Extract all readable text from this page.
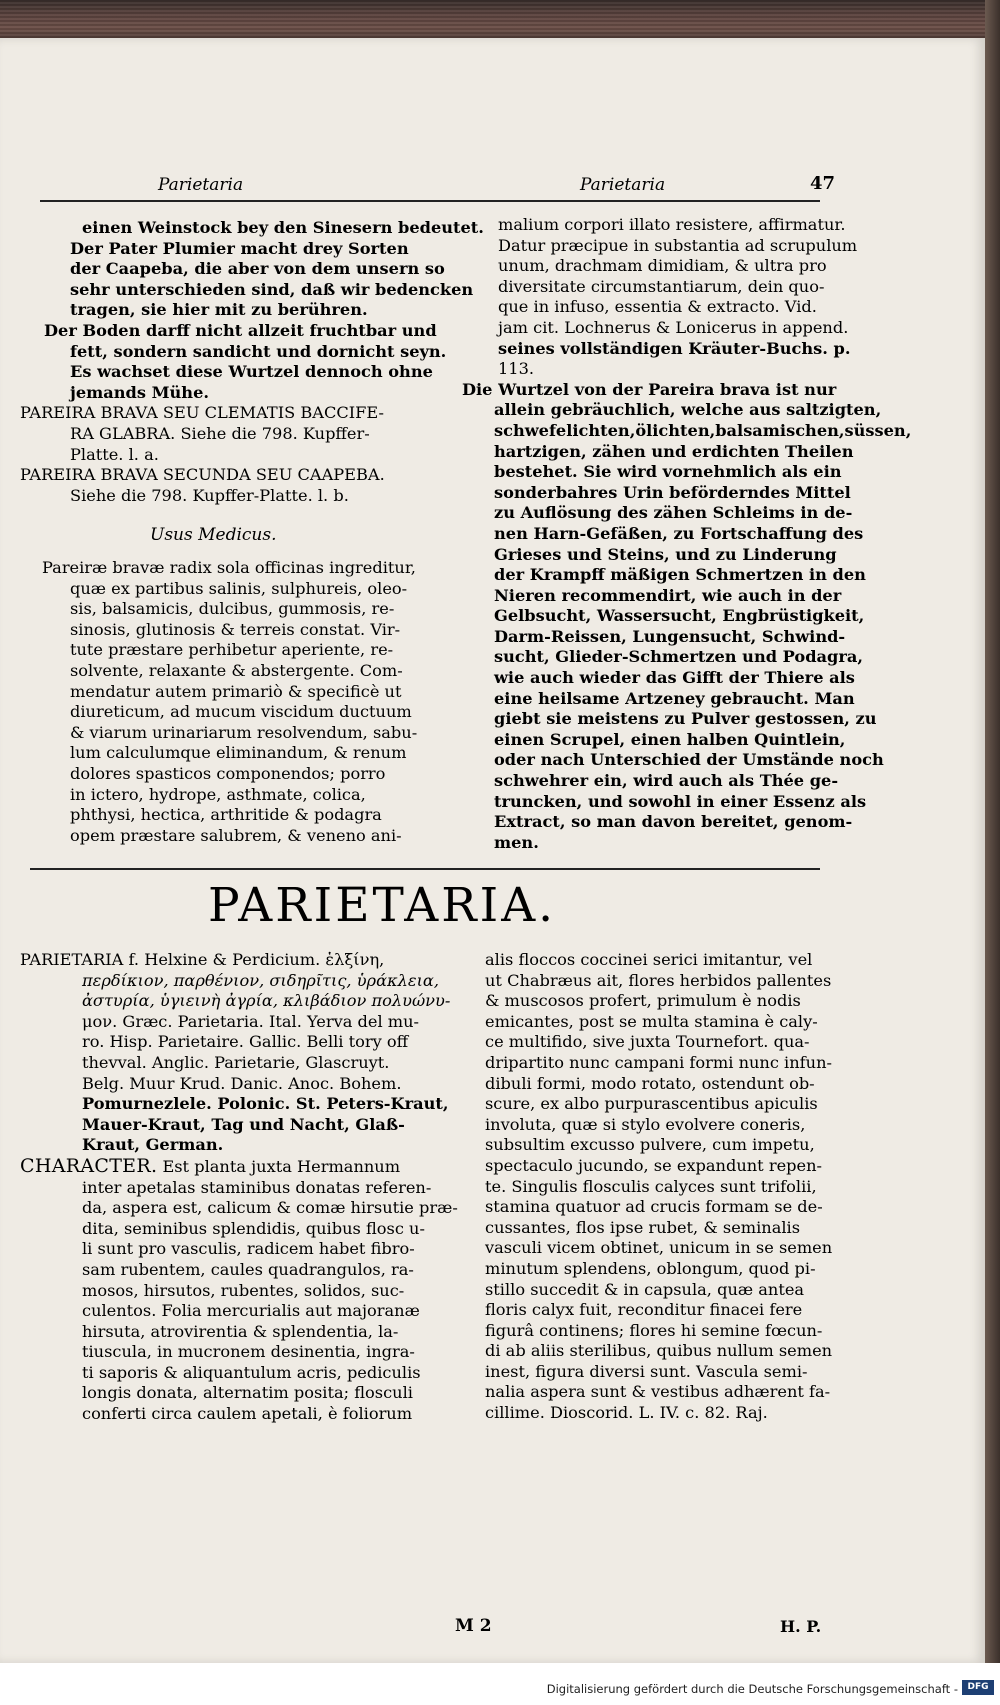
Parietaria	Parietaria	47
einen Weinstock bey den Sinesern bedeutet.
Der Pater Plumier macht drey Sorten
der Caapeba, die aber von dem unsern so
sehr unterschieden sind, daß wir bedencken
tragen, sie hier mit zu berühren.
Der Boden darff nicht allzeit fruchtbar und
fett, sondern sandicht und dornicht seyn.
Es wachset diese Wurtzel dennoch ohne
jemands Mühe.
PAREIRA BRAVA SEU CLEMATIS BACCIFE-
RA GLABRA. Siehe die 798. Kupffer-
Platte. l. a.
PAREIRA BRAVA SECUNDA SEU CAAPEBA.
Siehe die 798. Kupffer-Platte. l. b.
Usus Medicus.
Pareiræ bravæ radix sola officinas ingreditur,
quæ ex partibus salinis, sulphureis, oleo-
sis, balsamicis, dulcibus, gummosis, re-
sinosis, glutinosis & terreis constat. Vir-
tute præstare perhibetur aperiente, re-
solvente, relaxante & abstergente. Com-
mendatur autem primariò & specificè ut
diureticum, ad mucum viscidum ductuum
& viarum urinariarum resolvendum, sabu-
lum calculumque eliminandum, & renum
dolores spasticos componendos; porro
in ictero, hydrope, asthmate, colica,
phthysi, hectica, arthritide & podagra
opem præstare salubrem, & veneno ani-
malium corpori illato resistere, affirmatur.
Datur præcipue in substantia ad scrupulum
unum, drachmam dimidiam, & ultra pro
diversitate circumstantiarum, dein quo-
que in infuso, essentia & extracto. Vid.
jam cit. Lochnerus & Lonicerus in append.
seines vollständigen Kräuter-Buchs. p.
113.
Die Wurtzel von der Pareira brava ist nur
allein gebräuchlich, welche aus saltzigten,
schwefelichten,ölichten,balsamischen,süssen,
hartzigen, zähen und erdichten Theilen
bestehet. Sie wird vornehmlich als ein
sonderbahres Urin beförderndes Mittel
zu Auflösung des zähen Schleims in de-
nen Harn-Gefäßen, zu Fortschaffung des
Grieses und Steins, und zu Linderung
der Krampff mäßigen Schmertzen in den
Nieren recommendirt, wie auch in der
Gelbsucht, Wassersucht, Engbrüstigkeit,
Darm-Reissen, Lungensucht, Schwind-
sucht, Glieder-Schmertzen und Podagra,
wie auch wieder das Gifft der Thiere als
eine heilsame Artzeney gebraucht. Man
giebt sie meistens zu Pulver gestossen, zu
einen Scrupel, einen halben Quintlein,
oder nach Unterschied der Umstände noch
schwehrer ein, wird auch als Thée ge-
truncken, und sowohl in einer Essenz als
Extract, so man davon bereitet, genom-
men.
PARIETARIA.
PARIETARIA f. Helxine & Perdicium. ἑλξίνη,
περδίκιον, παρθένιον, σιδηρῖτις, ὑράκλεια,
ἀστυρία, ὑγιεινὴ ἀγρία, κλιβάδιον πολυώνυ-
μον. Græc. Parietaria. Ital. Yerva del mu-
ro. Hisp. Parietaire. Gallic. Belli tory off
thevval. Anglic. Parietarie, Glascruyt.
Belg. Muur Krud. Danic. Anoc. Bohem.
Pomurnezlele. Polonic. St. Peters-Kraut,
Mauer-Kraut, Tag und Nacht, Glaß-
Kraut, German.
CHARACTER. Est planta juxta Hermannum
inter apetalas staminibus donatas referen-
da, aspera est, calicum & comæ hirsutie præ-
dita, seminibus splendidis, quibus flosc u-
li sunt pro vasculis, radicem habet fibro-
sam rubentem, caules quadrangulos, ra-
mosos, hirsutos, rubentes, solidos, suc-
culentos. Folia mercurialis aut majoranæ
hirsuta, atrovirentia & splendentia, la-
tiuscula, in mucronem desinentia, ingra-
ti saporis & aliquantulum acris, pediculis
longis donata, alternatim posita; flosculi
conferti circa caulem apetali, è foliorum
alis floccos coccinei serici imitantur, vel
ut Chabræus ait, flores herbidos pallentes
& muscosos profert, primulum è nodis
emicantes, post se multa stamina è caly-
ce multifido, sive juxta Tournefort. qua-
dripartito nunc campani formi nunc infun-
dibuli formi, modo rotato, ostendunt ob-
scure, ex albo purpurascentibus apiculis
involuta, quæ si stylo evolvere coneris,
subsultim excusso pulvere, cum impetu,
spectaculo jucundo, se expandunt repen-
te. Singulis flosculis calyces sunt trifolii,
stamina quatuor ad crucis formam se de-
cussantes, flos ipse rubet, & seminalis
vasculi vicem obtinet, unicum in se semen
minutum splendens, oblongum, quod pi-
stillo succedit & in capsula, quæ antea
floris calyx fuit, reconditur finacei fere
figurâ continens; flores hi semine fœcun-
di ab aliis sterilibus, quibus nullum semen
inest, figura diversi sunt. Vascula semi-
nalia aspera sunt & vestibus adhærent fa-
cillime. Dioscorid. L. IV. c. 82. Raj.
M 2	H. P.
Digitalisierung gefördert durch die Deutsche Forschungsgemeinschaft -	DFG
